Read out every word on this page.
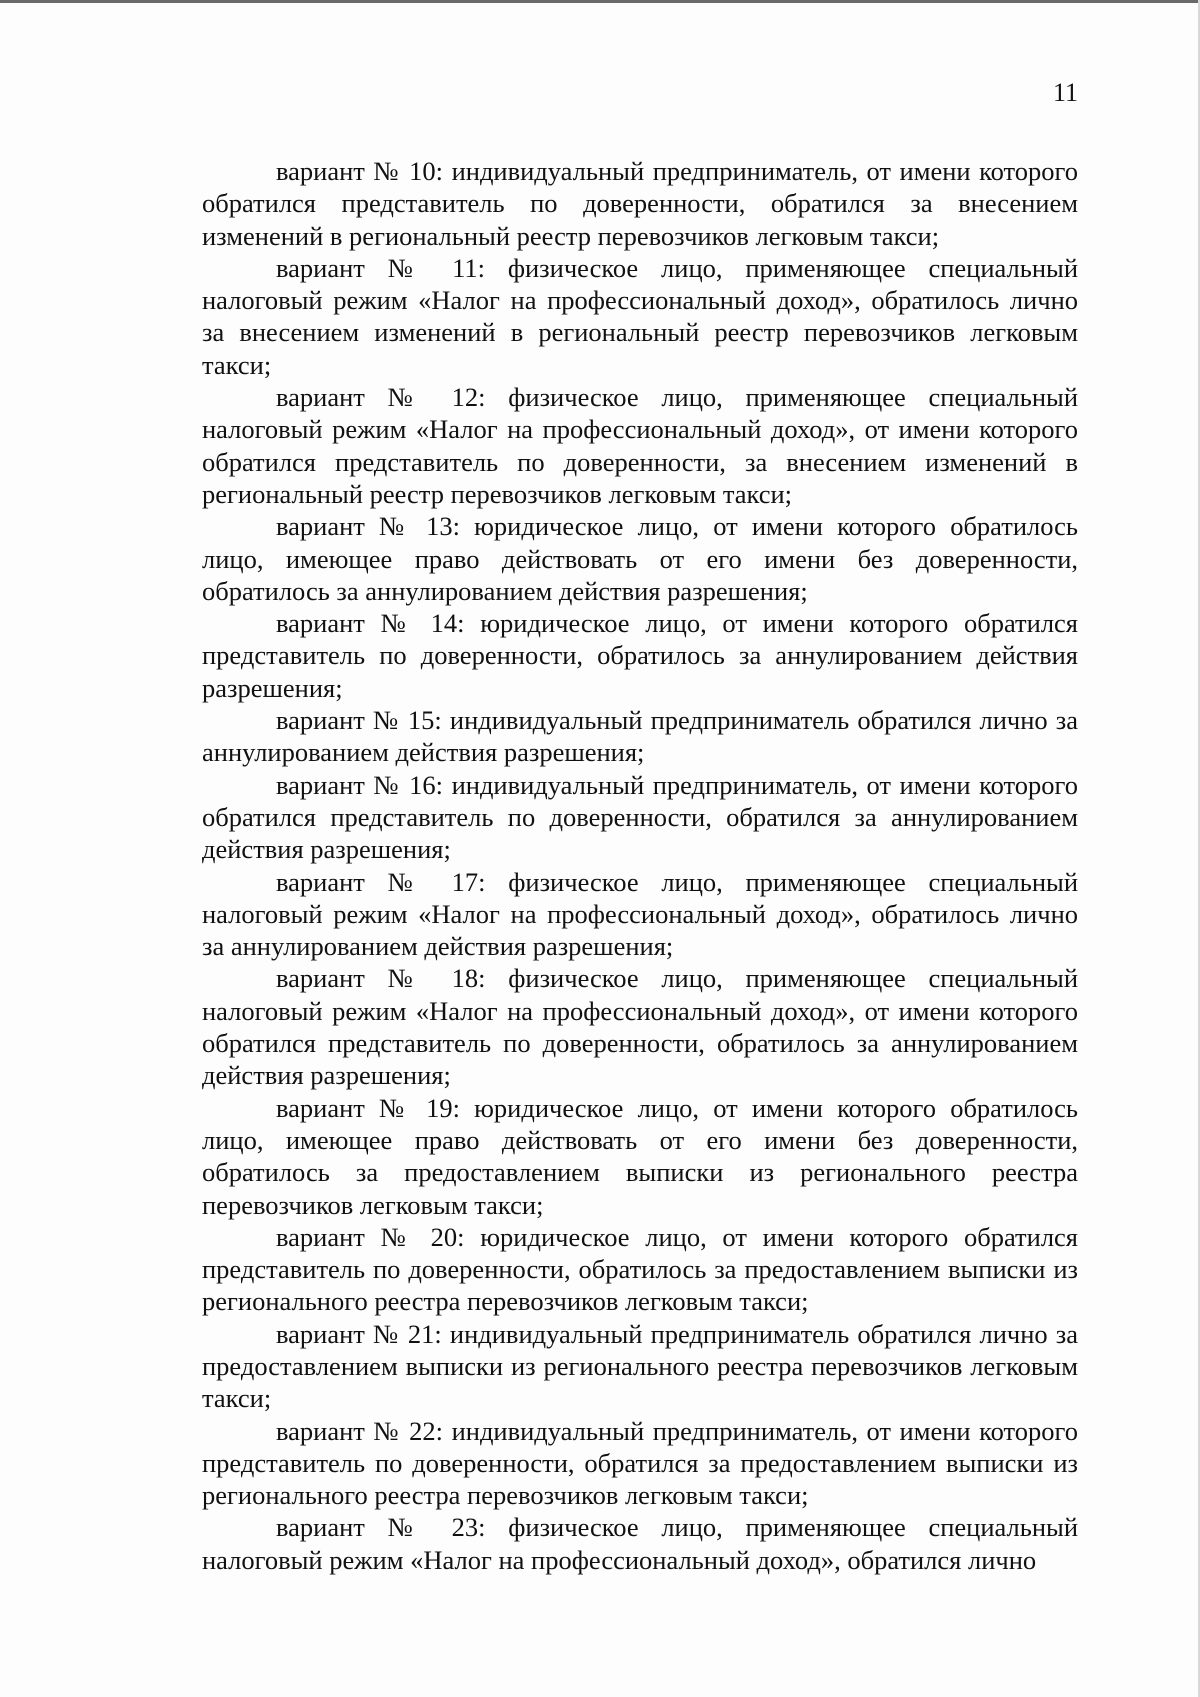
11

вариант № 10: индивидуальный предприниматель, от имени которого обратился представитель по доверенности, обратился за внесением изменений в региональный реестр перевозчиков легковым такси;

вариант № 11: физическое лицо, применяющее специальный налоговый режим «Налог на профессиональный доход», обратилось лично за внесением изменений в региональный реестр перевозчиков легковым такси;

вариант № 12: физическое лицо, применяющее специальный налоговый режим «Налог на профессиональный доход», от имени которого обратился представитель по доверенности, за внесением изменений в региональный реестр перевозчиков легковым такси;

вариант № 13: юридическое лицо, от имени которого обратилось лицо, имеющее право действовать от его имени без доверенности, обратилось за аннулированием действия разрешения;

вариант № 14: юридическое лицо, от имени которого обратился представитель по доверенности, обратилось за аннулированием действия разрешения;

вариант № 15: индивидуальный предприниматель обратился лично за аннулированием действия разрешения;

вариант № 16: индивидуальный предприниматель, от имени которого обратился представитель по доверенности, обратился за аннулированием действия разрешения;

вариант № 17: физическое лицо, применяющее специальный налоговый режим «Налог на профессиональный доход», обратилось лично за аннулированием действия разрешения;

вариант № 18: физическое лицо, применяющее специальный налоговый режим «Налог на профессиональный доход», от имени которого обратился представитель по доверенности, обратилось за аннулированием действия разрешения;

вариант № 19: юридическое лицо, от имени которого обратилось лицо, имеющее право действовать от его имени без доверенности, обратилось за предоставлением выписки из регионального реестра перевозчиков легковым такси;

вариант № 20: юридическое лицо, от имени которого обратился представитель по доверенности, обратилось за предоставлением выписки из регионального реестра перевозчиков легковым такси;

вариант № 21: индивидуальный предприниматель обратился лично за предоставлением выписки из регионального реестра перевозчиков легковым такси;

вариант № 22: индивидуальный предприниматель, от имени которого представитель по доверенности, обратился за предоставлением выписки из регионального реестра перевозчиков легковым такси;

вариант № 23: физическое лицо, применяющее специальный налоговый режим «Налог на профессиональный доход», обратился лично
